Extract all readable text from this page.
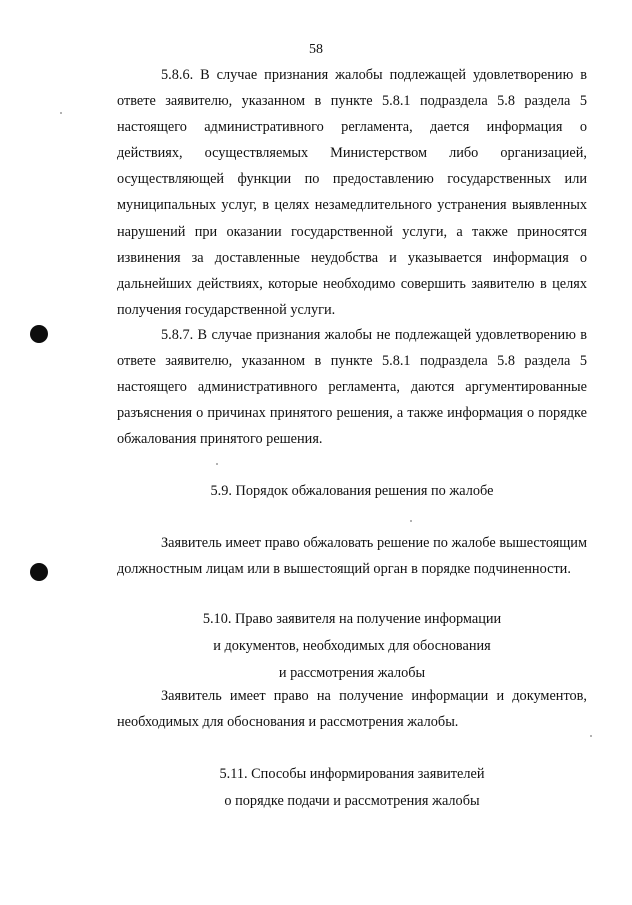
58

5.8.6. В случае признания жалобы подлежащей удовлетворению в ответе заявителю, указанном в пункте 5.8.1 подраздела 5.8 раздела 5 настоящего административного регламента, дается информация о действиях, осуществляемых Министерством либо организацией, осуществляющей функции по предоставлению государственных или муниципальных услуг, в целях незамедлительного устранения выявленных нарушений при оказании государственной услуги, а также приносятся извинения за доставленные неудобства и указывается информация о дальнейших действиях, которые необходимо совершить заявителю в целях получения государственной услуги.

5.8.7. В случае признания жалобы не подлежащей удовлетворению в ответе заявителю, указанном в пункте 5.8.1 подраздела 5.8 раздела 5 настоящего административного регламента, даются аргументированные разъяснения о причинах принятого решения, а также информация о порядке обжалования принятого решения.

5.9. Порядок обжалования решения по жалобе

Заявитель имеет право обжаловать решение по жалобе вышестоящим должностным лицам или в вышестоящий орган в порядке подчиненности.

5.10. Право заявителя на получение информации

и документов, необходимых для обоснования

и рассмотрения жалобы

Заявитель имеет право на получение информации и документов, необходимых для обоснования и рассмотрения жалобы.

5.11. Способы информирования заявителей

о порядке подачи и рассмотрения жалобы
